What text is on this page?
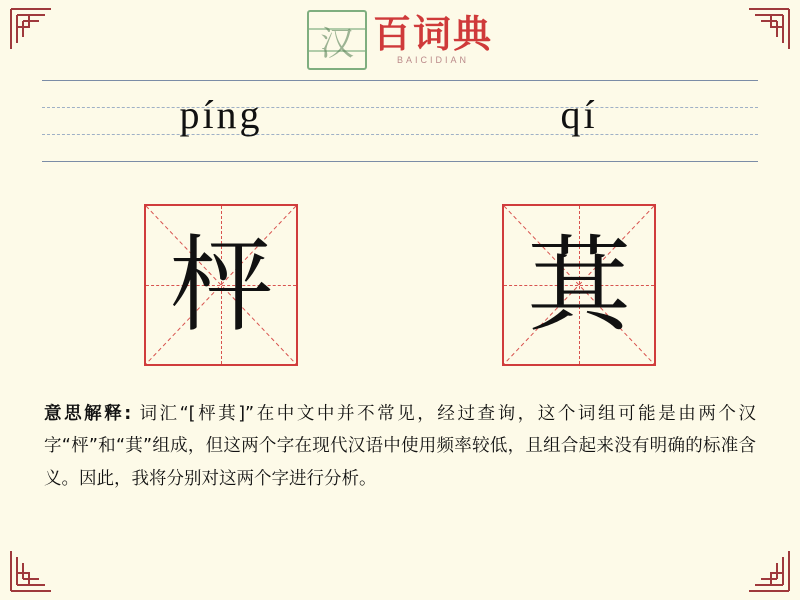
汉 百词典
BAICIDIAN
píng	qí
枰 萁
意思解释: 词汇“[枰萁]”在中文中并不常见，经过查询，这个词组可能是由两个汉字“枰”和“萁”组成，但这两个字在现代汉语中使用频率较低，且组合起来没有明确的标准含义。因此，我将分别对这两个字进行分析。
